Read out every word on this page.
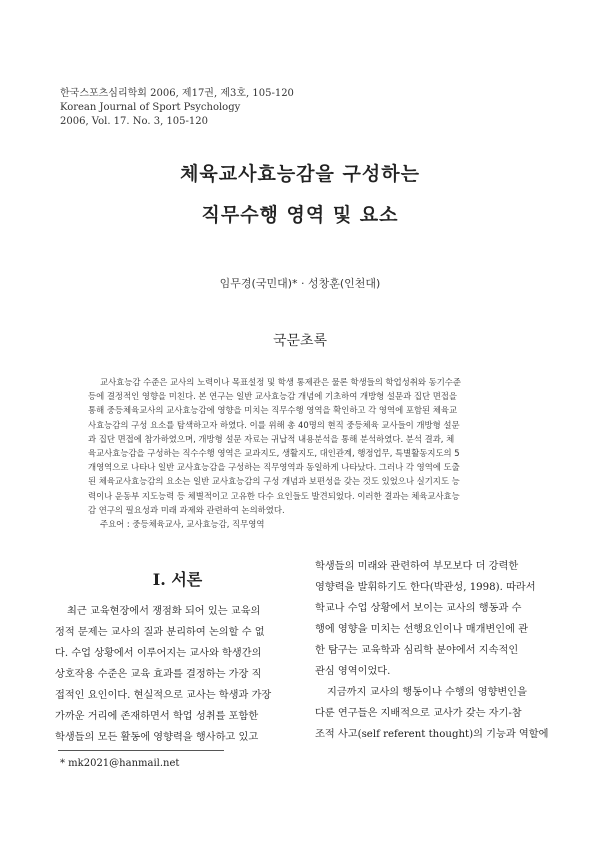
한국스포츠심리학회 2006, 제17권, 제3호, 105-120
Korean Journal of Sport Psychology
2006, Vol. 17. No. 3, 105-120
체육교사효능감을 구성하는
직무수행 영역 및 요소
임무경(국민대)* · 성창훈(인천대)
국문초록
교사효능감 수준은 교사의 노력이나 목표설정 및 학생 통제관은 물론 학생들의 학업성취와 동기수준
등에 결정적인 영향을 미친다. 본 연구는 일반 교사효능감 개념에 기초하여 개방형 설문과 집단 면접을
통해 중등체육교사의 교사효능감에 영향을 미치는 직무수행 영역을 확인하고 각 영역에 포함된 체육교
사효능감의 구성 요소를 탐색하고자 하였다. 이를 위해 총 40명의 현직 중등체육 교사들이 개방형 설문
과 집단 면접에 참가하였으며, 개방형 설문 자료는 귀납적 내용분석을 통해 분석하였다. 분석 결과, 체
육교사효능감을 구성하는 직수수행 영역은 교과지도, 생활지도, 대인관계, 행정업무, 특별활동지도의 5
개영역으로 나타나 일반 교사효능감을 구성하는 직무영역과 동일하게 나타났다. 그러나 각 영역에 도출
된 체육교사효능감의 요소는 일반 교사효능감의 구성 개념과 보편성을 갖는 것도 있었으나 실기지도 능
력이나 운동부 지도능력 등 체별적이고 고유한 다수 요인들도 발견되었다. 이러한 결과는 체육교사효능
감 연구의 필요성과 미래 과제와 관련하여 논의하였다.
주요어 : 중등체육교사, 교사효능감, 직무영역
I. 서론
최근 교육현장에서 쟁점화 되어 있는 교육의
정적 문제는 교사의 질과 분리하여 논의할 수 없
다. 수업 상황에서 이루어지는 교사와 학생간의
상호작용 수준은 교육 효과를 결정하는 가장 직
접적인 요인이다. 현실적으로 교사는 학생과 가장
가까운 거리에 존재하면서 학업 성취를 포함한
학생들의 모든 활동에 영향력을 행사하고 있고
학생들의 미래와 관련하여 부모보다 더 강력한
영향력을 발휘하기도 한다(박관성, 1998). 따라서
학교나 수업 상황에서 보이는 교사의 행동과 수
행에 영향을 미치는 선행요인이나 매개변인에 관
한 탐구는 교육학과 심리학 분야에서 지속적인
관심 영역이었다.
지금까지 교사의 행동이나 수행의 영향변인을
다룬 연구들은 지배적으로 교사가 갖는 자기-참
조적 사고(self referent thought)의 기능과 역할에
* mk2021@hanmail.net
